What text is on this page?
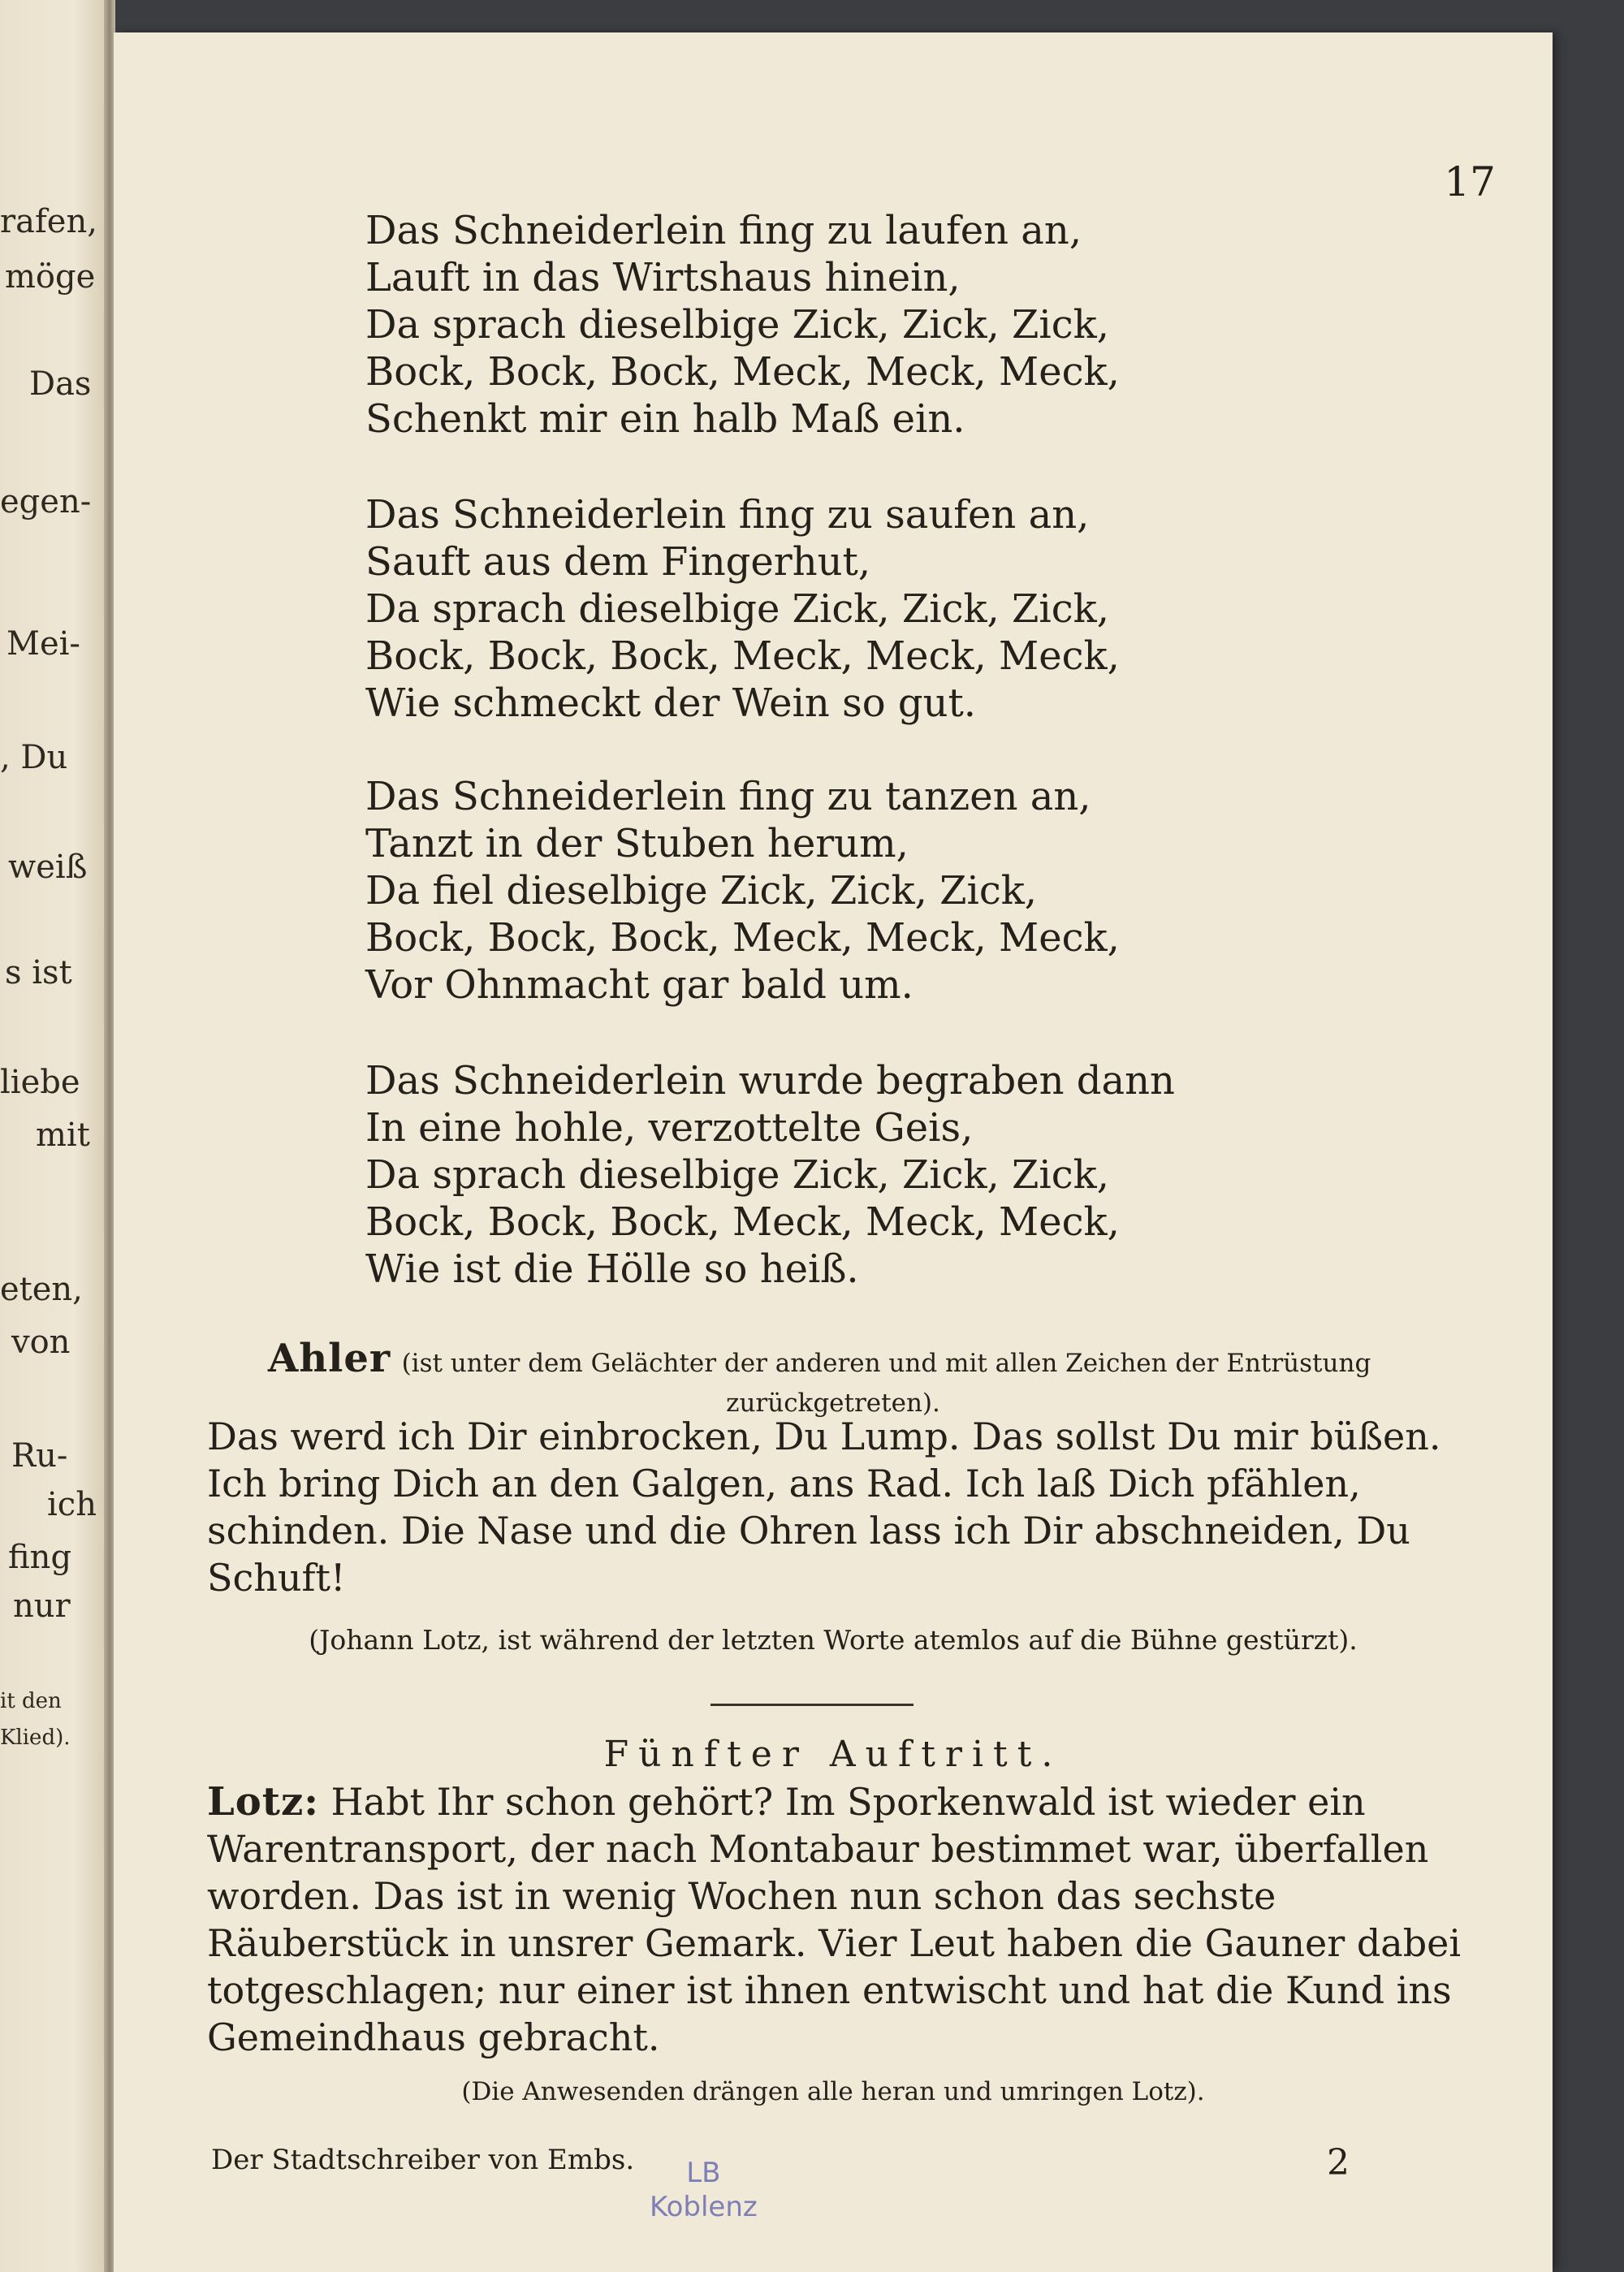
rafen,
möge
Das
egen-
Mei-
, Du
weiß
s ist
liebe
mit
eten,
von
Ru-
ich
fing
nur
it den
Klied).
17
Das Schneiderlein fing zu laufen an,
Lauft in das Wirtshaus hinein,
Da sprach dieselbige Zick, Zick, Zick,
Bock, Bock, Bock, Meck, Meck, Meck,
Schenkt mir ein halb Maß ein.
Das Schneiderlein fing zu saufen an,
Sauft aus dem Fingerhut,
Da sprach dieselbige Zick, Zick, Zick,
Bock, Bock, Bock, Meck, Meck, Meck,
Wie schmeckt der Wein so gut.
Das Schneiderlein fing zu tanzen an,
Tanzt in der Stuben herum,
Da fiel dieselbige Zick, Zick, Zick,
Bock, Bock, Bock, Meck, Meck, Meck,
Vor Ohnmacht gar bald um.
Das Schneiderlein wurde begraben dann
In eine hohle, verzottelte Geis,
Da sprach dieselbige Zick, Zick, Zick,
Bock, Bock, Bock, Meck, Meck, Meck,
Wie ist die Hölle so heiß.
Ahler (ist unter dem Gelächter der anderen und mit allen Zeichen der Entrüstung
zurückgetreten).
Das werd ich Dir einbrocken, Du Lump. Das sollst Du mir büßen. Ich bring Dich an den Galgen, ans Rad. Ich laß Dich pfählen, schinden. Die Nase und die Ohren lass ich Dir abschneiden, Du Schuft!
(Johann Lotz, ist während der letzten Worte atemlos auf die Bühne gestürzt).
Fünfter Auftritt.
Lotz: Habt Ihr schon gehört? Im Sporkenwald ist wieder ein Warentransport, der nach Montabaur bestimmet war, überfallen worden. Das ist in wenig Wochen nun schon das sechste Räuberstück in unsrer Gemark. Vier Leut haben die Gauner dabei totgeschlagen; nur einer ist ihnen entwischt und hat die Kund ins Gemeindhaus gebracht.
(Die Anwesenden drängen alle heran und umringen Lotz).
Der Stadtschreiber von Embs.	LB
Koblenz
2
